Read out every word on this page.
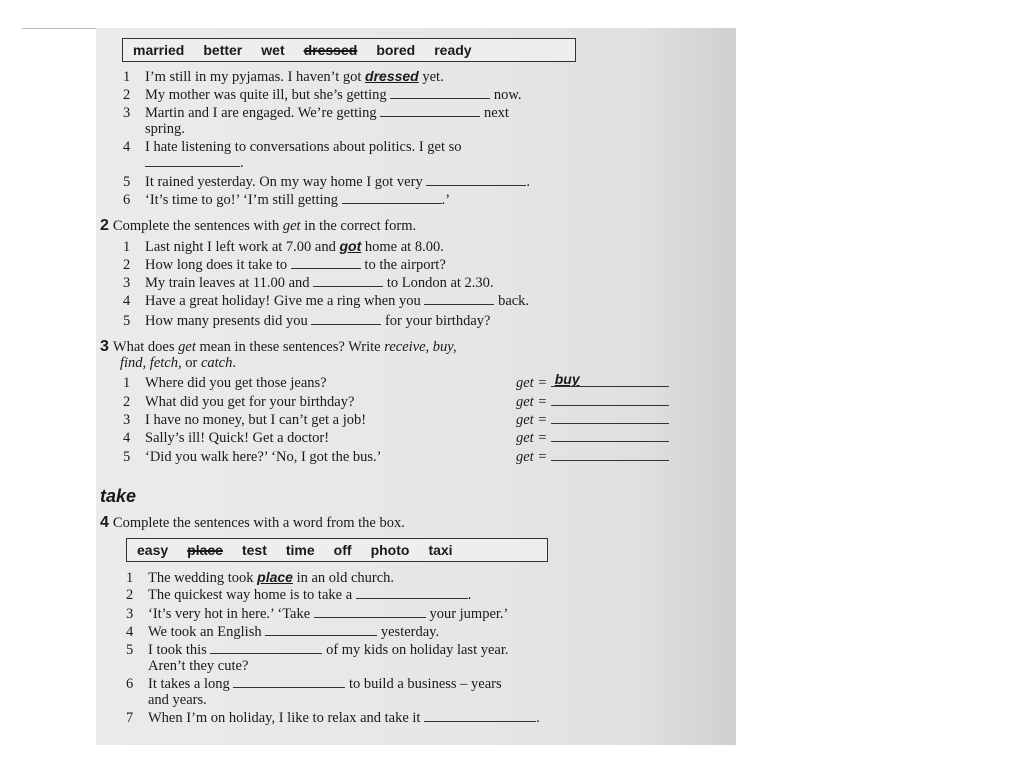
married better wet dressed bored ready
1 I’m still in my pyjamas. I haven’t got dressed yet.
2 My mother was quite ill, but she’s getting	now.
3 Martin and I are engaged. We’re getting	next
spring.
4 I hate listening to conversations about politics. I get so
.
5 It rained yesterday. On my way home I got very	.
6 ‘It’s time to go!’ ‘I’m still getting	.’
2 Complete the sentences with get in the correct form.
1 Last night I left work at 7.00 and got home at 8.00.
2 How long does it take to	to the airport?
3 My train leaves at 11.00 and	to London at 2.30.
4 Have a great holiday! Give me a ring when you	back.
5 How many presents did you	for your birthday?
3 What does get mean in these sentences? Write receive, buy,
find, fetch, or catch.
1 Where did you get those jeans?	get = buy
2 What did you get for your birthday?	get =
3 I have no money, but I can’t get a job!	get =
4 Sally’s ill! Quick! Get a doctor!	get =
5 ‘Did you walk here?’ ‘No, I got the bus.’	get =
take
4 Complete the sentences with a word from the box.
easy place test time off photo taxi
1 The wedding took place in an old church.
2 The quickest way home is to take a	.
3 ‘It’s very hot in here.’ ‘Take	your jumper.’
4 We took an English	yesterday.
5 I took this	of my kids on holiday last year.
Aren’t they cute?
6 It takes a long	to build a business – years
and years.
7 When I’m on holiday, I like to relax and take it	.
